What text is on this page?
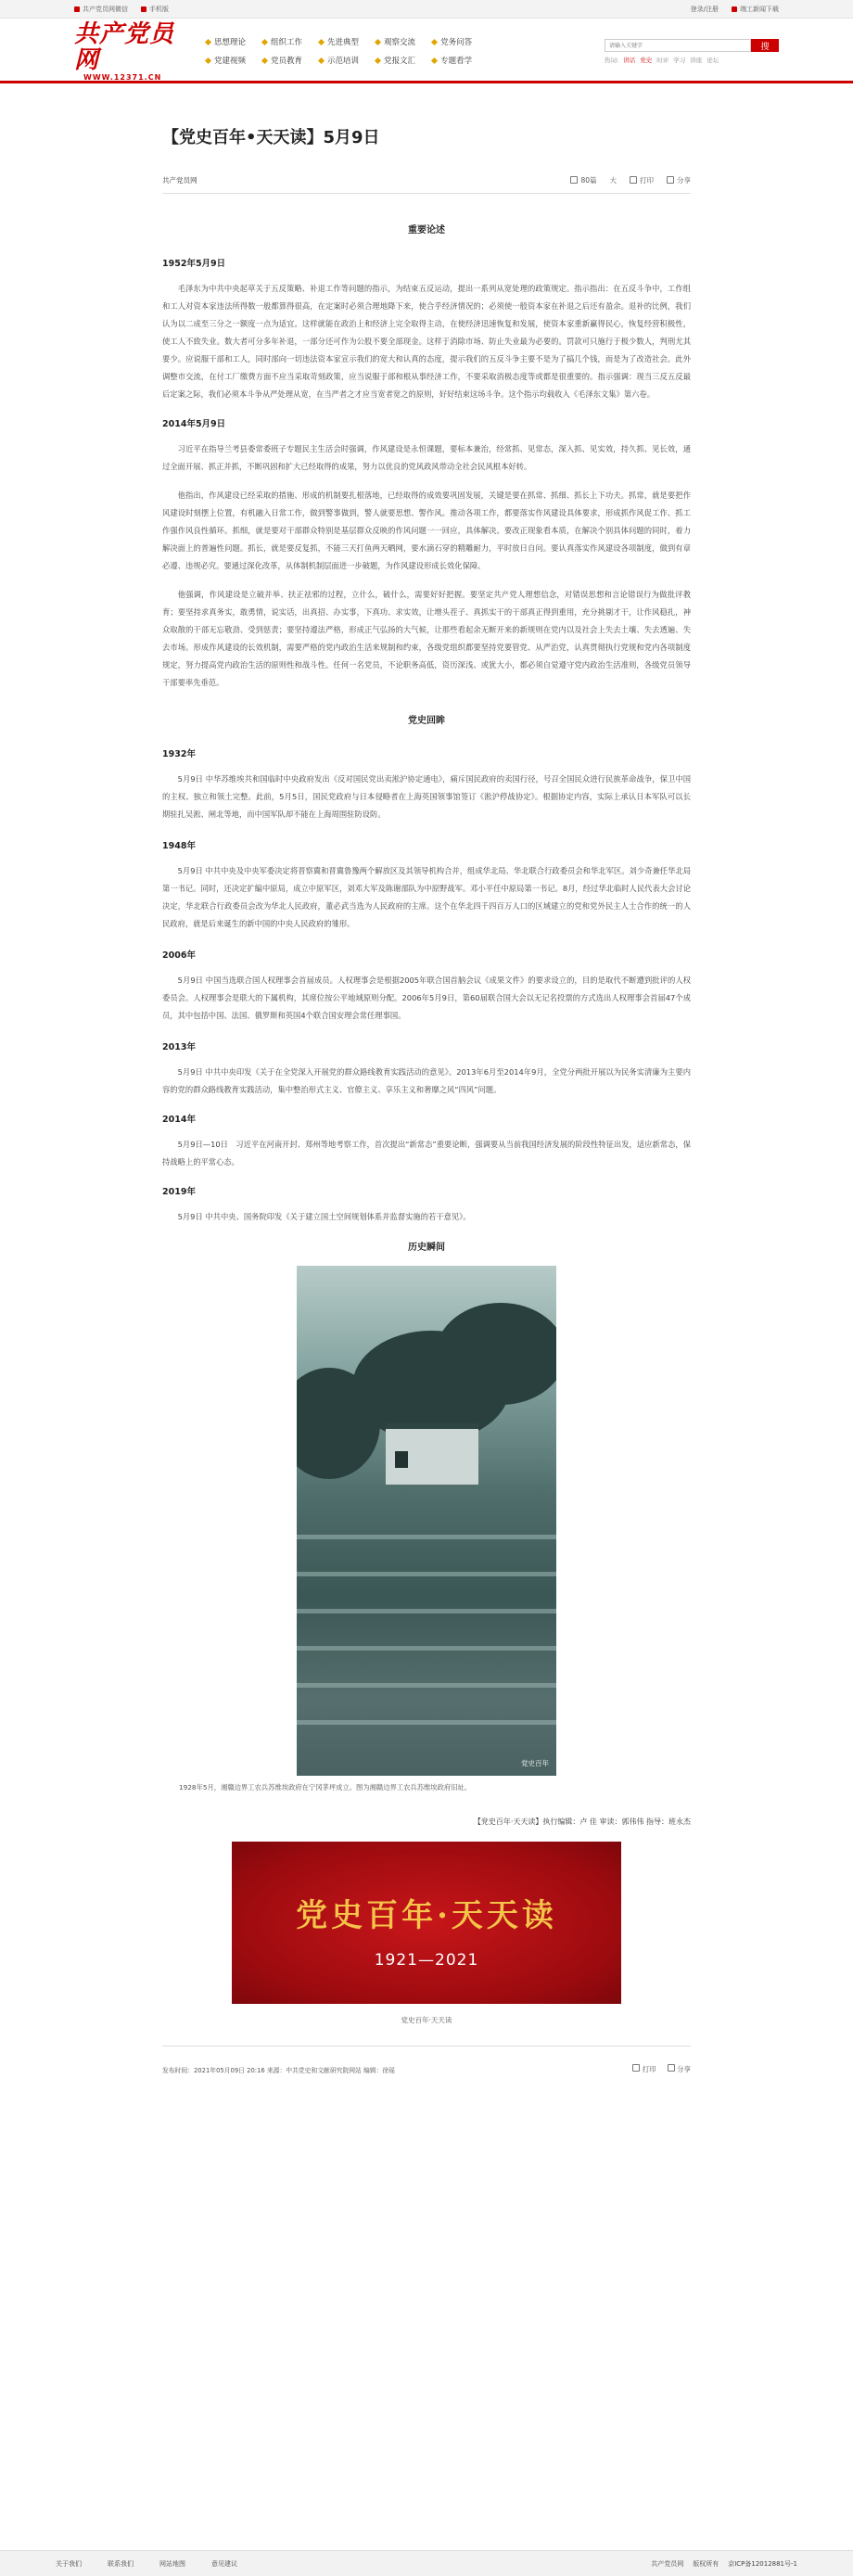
共产党员网微信	手机版	登录/注册	端工新闻下载
共产党员网
WWW.12371.CN
思想理论	组织工作	先进典型	观察交流	党务问答
党建视频	党员教育	示范培训	党报文汇	专题看学
请输入关键字
搜
热词: 讲话 党史 时评 学习 讲座 论坛
【党史百年•天天读】5月9日
共产党员网	80篇 大	打印	分享
重要论述
1952年5月9日

毛泽东为中共中央起草关于五反策略、补退工作等问题的指示，为结束五反运动，提出一系列从宽处理的政策规定。指示指出：在五反斗争中，工作组和工人对资本家违法所得数一般都算得很高，在定案时必须合理地降下来，使合乎经济情况的；必须使一般资本家在补退之后还有盈余。退补的比例，我们认为以二成至三分之一额度一点为适宜。这样就能在政治上和经济上完全取得主动，在使经济迅速恢复和发展，使资本家重新赢得民心，恢复经营积极性，使工人不致失业。数大者可分多年补退，一部分还可作为公股不要全部现金。这样于消除市场、防止失业最为必要的。罚款可只施行于极少数人，判刑尤其要少。应说服干部和工人，同时部向一切违法资本家宣示我们的宽大和认真的态度，提示我们的五反斗争主要不是为了搞几个钱，而是为了改造社会。此外调整市交流，在付工厂缴费方面不应当采取苛刻政策，应当说服于部和根从事经济工作，不要采取消极态度等或都是很重要的。指示强调：现当三反五反最后定案之际，我们必须本斗争从严处理从宽，在当严者之才应当宽者宽之的原则，好好结束这场斗争。这个指示均载收入《毛泽东文集》第六卷。

2014年5月9日

习近平在指导兰考县委常委班子专题民主生活会时强调，作风建设是永恒课题，要标本兼治，经常抓、见常态，深入抓、见实效，持久抓、见长效，通过全面开展、抓正并抓，不断巩固和扩大已经取得的成果，努力以优良的党风政风带动全社会民风根本好转。

他指出，作风建设已经采取的措施、形成的机制要扎根落地，已经取得的成效要巩固发展，关键是要在抓常、抓细、抓长上下功夫。抓常，就是要把作风建设时刻摆上位置，有机融入日常工作，做到警事做到，警人就要思想、警作风。推动各项工作，都要落实作风建设具体要求，形成抓作风促工作、抓工作强作风良性循环。抓细，就是要对干部群众特别是基层群众反映的作风问题一一回应，具体解决。要改正现象看本质，在解决个别具体问题的同时，着力解决面上的普遍性问题。抓长，就是要反复抓，不能三天打鱼两天晒网，要水滴石穿的精雕耐力，平时放日自问。要认真落实作风建设各项制度，做到有章必遵、违规必究。要通过深化改革，从体制机制层面进一步破题，为作风建设形成长效化保障。

他强调，作风建设是立破并举、扶正祛邪的过程，立什么，破什么，需要好好把握。要坚定共产党人理想信念，对错误思想和言论错误行为做批评教育；要坚持求真务实，敢勇情，说实话，出真招、办实事，下真功、求实效，让增头茬子、真抓实干的干部真正得到重用，充分挑剔才干，让作风稳扎，神众取散的干部无忘敬劲、受到惩责；要坚持遵法严格，形成正气弘扬的大气候，让那些看起余无断开来的新规则在党内以及社会上失去土壤、失去透遍、失去市场。形成作风建设的长效机制，需要严格的党内政治生活来规制和约束，各级党组织都要坚持党要管党、从严治党，认真贯彻执行党规和党内各项制度规定，努力提高党内政治生活的原则性和战斗性。任何一名党员，不论职务高低，资历深浅、或犹大小，都必须自觉遵守党内政治生活准则，各级党员领导干部要率先垂范。

党史回眸
1932年

5月9日 中华苏维埃共和国临时中央政府发出《反对国民党出卖淞沪协定通电》，痛斥国民政府的卖国行径，号召全国民众进行民族革命战争，保卫中国的主权、独立和领土完整。此前，5月5日，国民党政府与日本侵略者在上海英国领事馆签订《淞沪停战协定》。根据协定内容，实际上承认日本军队可以长期驻扎吴淞、闸北等地，而中国军队却不能在上海周围驻防设防。

1948年

5月9日 中共中央及中央军委决定将晋察冀和晋冀鲁豫两个解放区及其领导机构合并，组成华北局、华北联合行政委员会和华北军区。刘少奇兼任华北局第一书记。同时，还决定扩编中原局，成立中原军区，刘邓大军及陈谢部队为中原野战军。邓小平任中原局第一书记。8月，经过华北临时人民代表大会讨论决定，华北联合行政委员会改为华北人民政府，董必武当选为人民政府的主席。这个在华北四千四百万人口的区域建立的党和党外民主人士合作的统一的人民政府，就是后来诞生的新中国的中央人民政府的雏形。

2006年

5月9日 中国当选联合国人权理事会首届成员。人权理事会是根据2005年联合国首脑会议《成果文件》的要求设立的，目的是取代不断遭到批评的人权委员会。人权理事会是联大的下属机构，其席位按公平地域原则分配。2006年5月9日，第60届联合国大会以无记名投票的方式选出人权理事会首届47个成员，其中包括中国、法国、俄罗斯和英国4个联合国安理会常任理事国。

2013年

5月9日 中共中央印发《关于在全党深入开展党的群众路线教育实践活动的意见》。2013年6月至2014年9月，全党分两批开展以为民务实清廉为主要内容的党的群众路线教育实践活动，集中整治形式主义、官僚主义、享乐主义和奢靡之风“四风”问题。

2014年

5月9日—10日　习近平在河南开封、郑州等地考察工作，首次提出“新常态”重要论断，强调要从当前我国经济发展的阶段性特征出发，适应新常态，保持战略上的平常心态。

2019年

5月9日 中共中央、国务院印发《关于建立国土空间规划体系并监督实施的若干意见》。

历史瞬间
党史百年
1928年5月，湘赣边界工农兵苏维埃政府在宁冈茅坪成立。图为湘赣边界工农兵苏维埃政府旧址。
【党史百年·天天读】执行编辑：卢 佳 审读：郭伟伟 指导：班永杰
党史百年·天天读
1921—2021
党史百年·天天读
发布时间：2021年05月09日 20:16 来源：中共党史和文献研究院网站 编辑：徐瑶	打印	分享
关于我们	联系我们	网站地图	意见建议	共产党员网 版权所有 京ICP备12012881号-1
